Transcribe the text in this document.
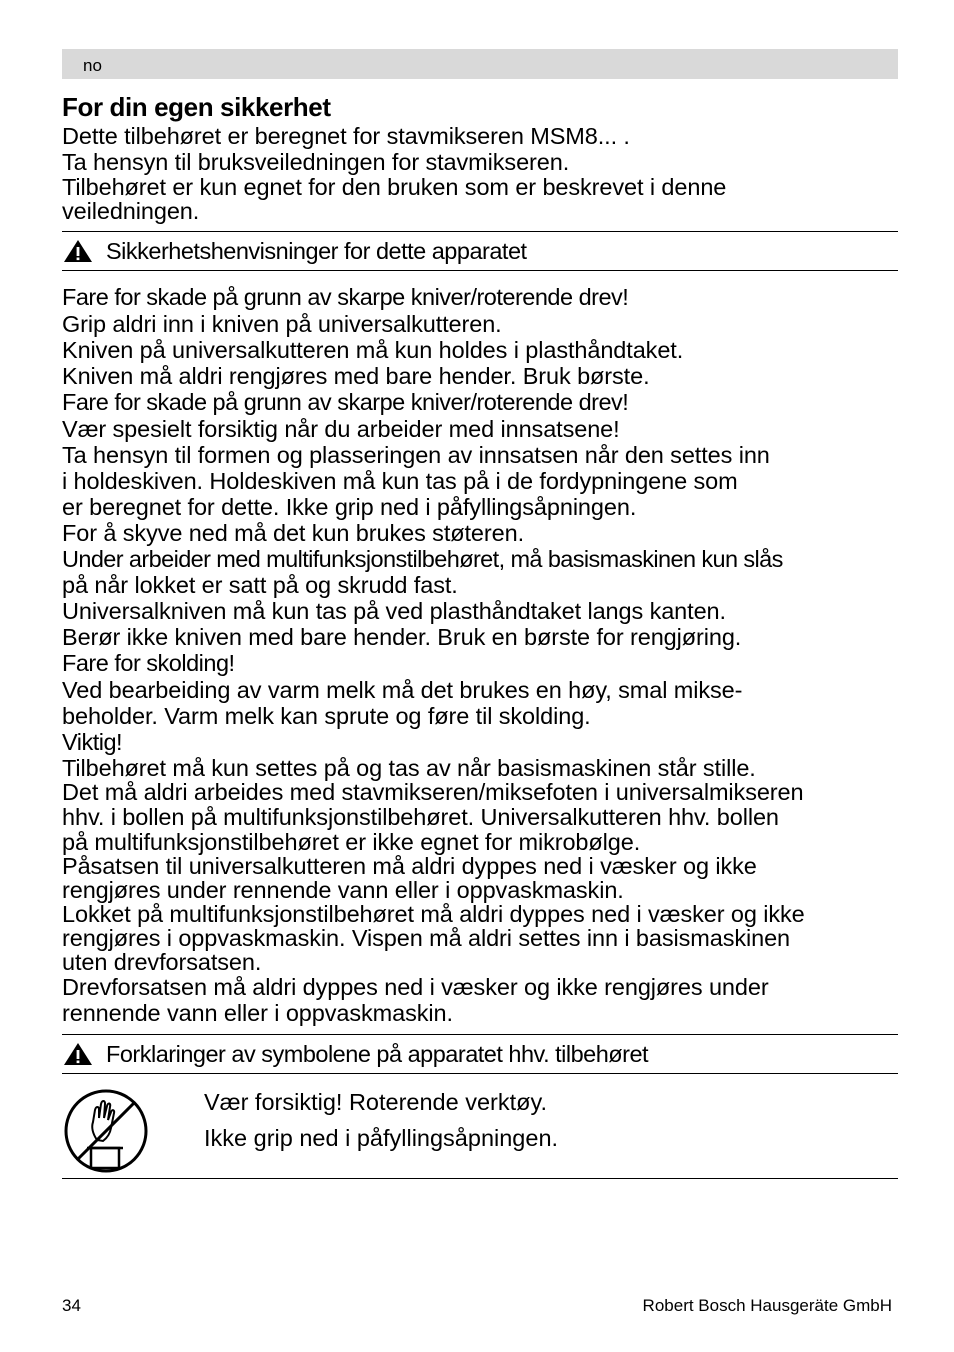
no
For din egen sikkerhet

Dette tilbehøret er beregnet for stavmikseren MSM8... .

Ta hensyn til bruksveiledningen for stavmikseren.

Tilbehøret er kun egnet for den bruken som er beskrevet i denne

veiledningen.

Sikkerhetshenvisninger for dette apparatet

Fare for skade på grunn av skarpe kniver/roterende drev!

Grip aldri inn i kniven på universalkutteren.

Kniven på universalkutteren må kun holdes i plasthåndtaket.

Kniven må aldri rengjøres med bare hender. Bruk børste.

Fare for skade på grunn av skarpe kniver/roterende drev!

Vær spesielt forsiktig når du arbeider med innsatsene!

Ta hensyn til formen og plasseringen av innsatsen når den settes inn

i holdeskiven. Holdeskiven må kun tas på i de fordypningene som

er beregnet for dette. Ikke grip ned i påfyllingsåpningen.

For å skyve ned må det kun brukes støteren.

Under arbeider med multifunksjonstilbehøret, må basismaskinen kun slås

på når lokket er satt på og skrudd fast.

Universalkniven må kun tas på ved plasthåndtaket langs kanten.

Berør ikke kniven med bare hender. Bruk en børste for rengjøring.

Fare for skolding!

Ved bearbeiding av varm melk må det brukes en høy, smal mikse-

beholder. Varm melk kan sprute og føre til skolding.

Viktig!

Tilbehøret må kun settes på og tas av når basismaskinen står stille.

Det må aldri arbeides med stavmikseren/miksefoten i universalmikseren

hhv. i bollen på multifunksjonstilbehøret. Universalkutteren hhv. bollen

på multifunksjonstilbehøret er ikke egnet for mikrobølge.

Påsatsen til universalkutteren må aldri dyppes ned i væsker og ikke

rengjøres under rennende vann eller i oppvaskmaskin.

Lokket på multifunksjonstilbehøret må aldri dyppes ned i væsker og ikke

rengjøres i oppvaskmaskin. Vispen må aldri settes inn i basismaskinen

uten drevforsatsen.

Drevforsatsen må aldri dyppes ned i væsker og ikke rengjøres under

rennende vann eller i oppvaskmaskin.

Forklaringer av symbolene på apparatet hhv. tilbehøret
Vær forsiktig! Roterende verktøy.
Ikke grip ned i påfyllingsåpningen.
34	Robert Bosch Hausgeräte GmbH
